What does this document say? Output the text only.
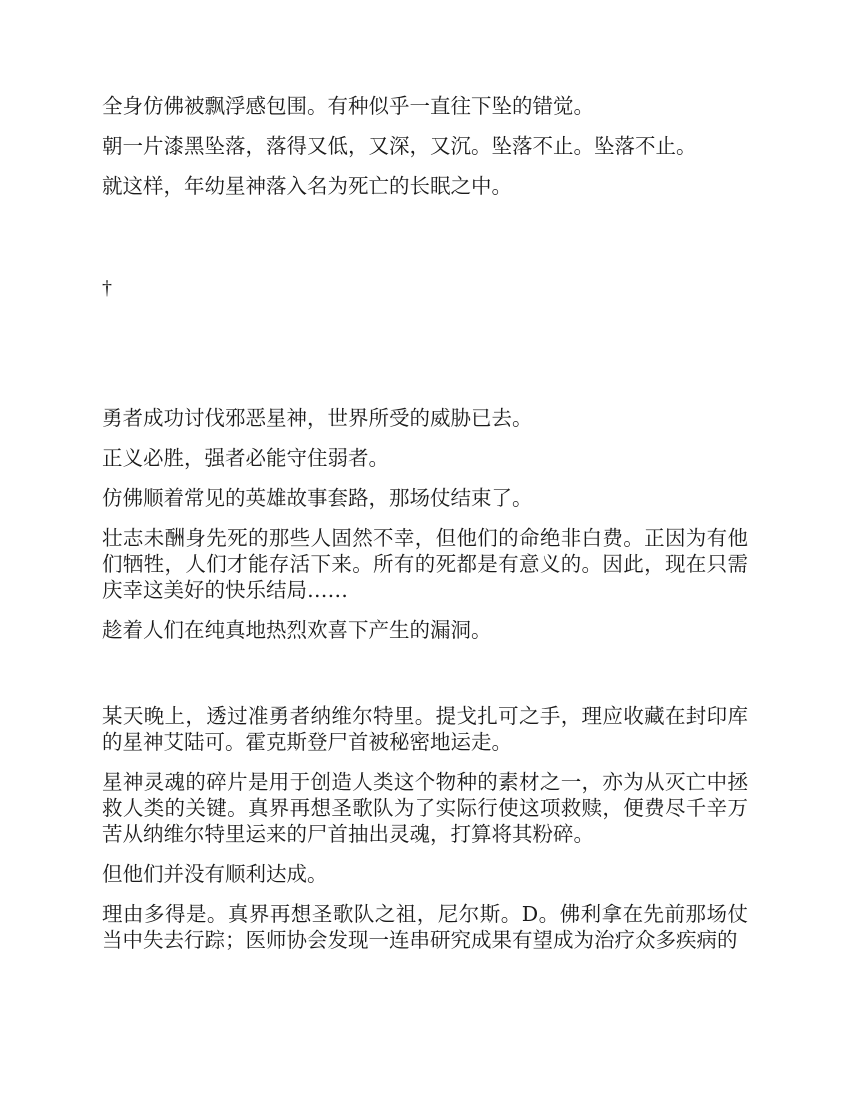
全身仿佛被飘浮感包围。有种似乎一直往下坠的错觉。

朝一片漆黑坠落，落得又低，又深，又沉。坠落不止。坠落不止。

就这样，年幼星神落入名为死亡的长眠之中。

†

勇者成功讨伐邪恶星神，世界所受的威胁已去。

正义必胜，强者必能守住弱者。

仿佛顺着常见的英雄故事套路，那场仗结束了。

壮志未酬身先死的那些人固然不幸，但他们的命绝非白费。正因为有他们牺牲，人们才能存活下来。所有的死都是有意义的。因此，现在只需庆幸这美好的快乐结局……

趁着人们在纯真地热烈欢喜下产生的漏洞。

某天晚上，透过准勇者纳维尔特里。提戈扎可之手，理应收藏在封印库的星神艾陆可。霍克斯登尸首被秘密地运走。

星神灵魂的碎片是用于创造人类这个物种的素材之一，亦为从灭亡中拯救人类的关键。真界再想圣歌队为了实际行使这项救赎，便费尽千辛万苦从纳维尔特里运来的尸首抽出灵魂，打算将其粉碎。

但他们并没有顺利达成。

理由多得是。真界再想圣歌队之祖，尼尔斯。D。佛利拿在先前那场仗当中失去行踪；医师协会发现一连串研究成果有望成为治疗众多疾病的
